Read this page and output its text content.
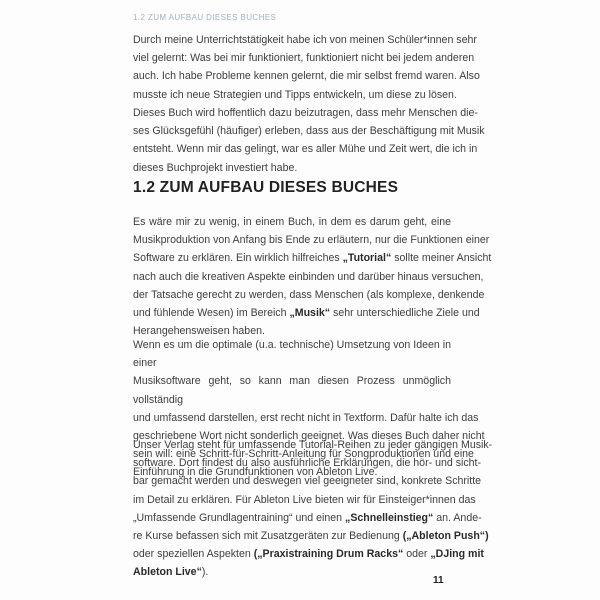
1.2 ZUM AUFBAU DIESES BUCHES
Durch meine Unterrichtstätigkeit habe ich von meinen Schüler*innen sehr
viel gelernt: Was bei mir funktioniert, funktioniert nicht bei jedem anderen
auch. Ich habe Probleme kennen gelernt, die mir selbst fremd waren. Also
musste ich neue Strategien und Tipps entwickeln, um diese zu lösen.
Dieses Buch wird hoffentlich dazu beizutragen, dass mehr Menschen die-
ses Glücksgefühl (häufiger) erleben, dass aus der Beschäftigung mit Musik
entsteht. Wenn mir das gelingt, war es aller Mühe und Zeit wert, die ich in
dieses Buchprojekt investiert habe.
1.2 ZUM AUFBAU DIESES BUCHES
Es wäre mir zu wenig, in einem Buch, in dem es darum geht, eine
Musikproduktion von Anfang bis Ende zu erläutern, nur die Funktionen einer
Software zu erklären. Ein wirklich hilfreiches „Tutorial“ sollte meiner Ansicht
nach auch die kreativen Aspekte einbinden und darüber hinaus versuchen,
der Tatsache gerecht zu werden, dass Menschen (als komplexe, denkende
und fühlende Wesen) im Bereich „Musik“ sehr unterschiedliche Ziele und
Herangehensweisen haben.
Wenn es um die optimale (u.a. technische) Umsetzung von Ideen in einer
Musiksoftware geht, so kann man diesen Prozess unmöglich vollständig
und umfassend darstellen, erst recht nicht in Textform. Dafür halte ich das
geschriebene Wort nicht sonderlich geeignet. Was dieses Buch daher nicht
sein will: eine Schritt-für-Schritt-Anleitung für Songproduktionen und eine
Einführung in die Grundfunktionen von Ableton Live.
Unser Verlag steht für umfassende Tutorial-Reihen zu jeder gängigen Musik-
software. Dort findest du also ausführliche Erklärungen, die hör- und sicht-
bar gemacht werden und deswegen viel geeigneter sind, konkrete Schritte
im Detail zu erklären. Für Ableton Live bieten wir für Einsteiger*innen das
„Umfassende Grundlagentraining“ und einen „Schnelleinstieg“ an. Ande-
re Kurse befassen sich mit Zusatzgeräten zur Bedienung („Ableton Push“)
oder speziellen Aspekten („Praxistraining Drum Racks“ oder „DJing mit
Ableton Live“).
11
